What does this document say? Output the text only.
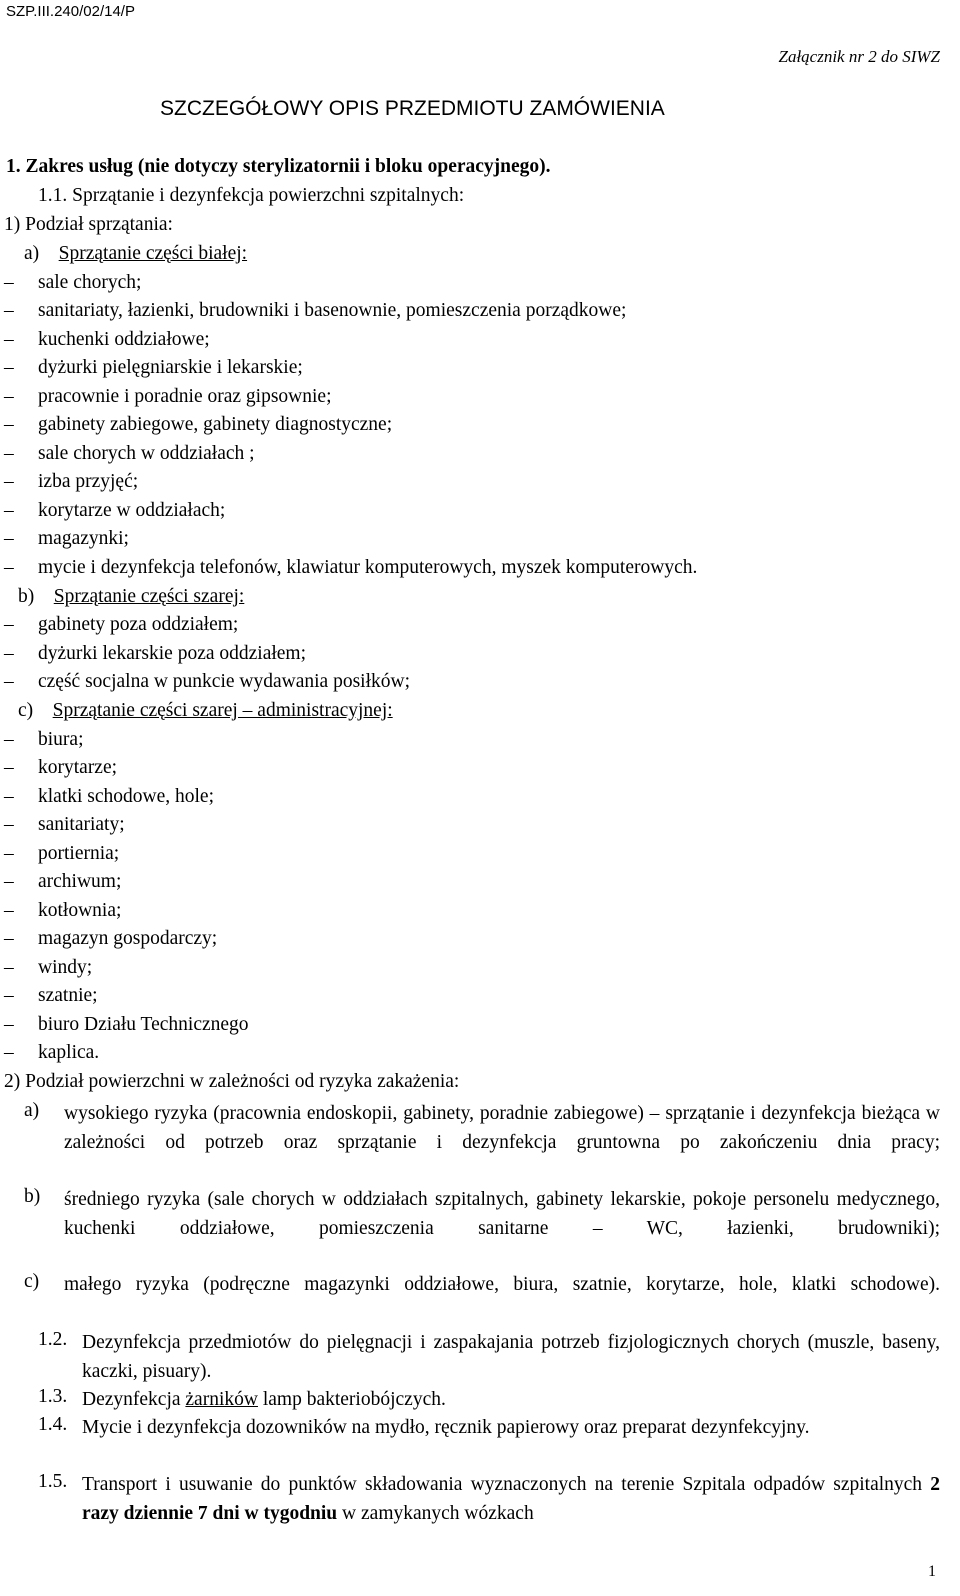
SZP.III.240/02/14/P
Załącznik nr 2 do SIWZ
SZCZEGÓŁOWY OPIS PRZEDMIOTU ZAMÓWIENIA
1. Zakres usług (nie dotyczy sterylizatornii i bloku operacyjnego).
1.1. Sprzątanie i dezynfekcja powierzchni szpitalnych:
1) Podział sprzątania:
a) Sprzątanie części białej:
– sale chorych;
– sanitariaty, łazienki, brudowniki i basenownie, pomieszczenia porządkowe;
– kuchenki oddziałowe;
– dyżurki pielęgniarskie i lekarskie;
– pracownie i poradnie oraz gipsownie;
– gabinety zabiegowe, gabinety diagnostyczne;
– sale chorych w oddziałach ;
– izba przyjęć;
– korytarze w oddziałach;
– magazynki;
– mycie i dezynfekcja telefonów, klawiatur komputerowych, myszek komputerowych.
b) Sprzątanie części szarej:
– gabinety poza oddziałem;
– dyżurki lekarskie poza oddziałem;
– część socjalna w punkcie wydawania posiłków;
c) Sprzątanie części szarej – administracyjnej:
– biura;
– korytarze;
– klatki schodowe, hole;
– sanitariaty;
– portiernia;
– archiwum;
– kotłownia;
– magazyn gospodarczy;
– windy;
– szatnie;
– biuro Działu Technicznego
– kaplica.
2) Podział powierzchni w zależności od ryzyka zakażenia:
a) wysokiego ryzyka (pracownia endoskopii, gabinety, poradnie zabiegowe) – sprzątanie i dezynfekcja bieżąca w zależności od potrzeb oraz sprzątanie i dezynfekcja gruntowna po zakończeniu dnia pracy;
b) średniego ryzyka (sale chorych w oddziałach szpitalnych, gabinety lekarskie, pokoje personelu medycznego, kuchenki oddziałowe, pomieszczenia sanitarne – WC, łazienki, brudowniki);
c) małego ryzyka (podręczne magazynki oddziałowe, biura, szatnie, korytarze, hole, klatki schodowe).
1.2. Dezynfekcja przedmiotów do pielęgnacji i zaspakajania potrzeb fizjologicznych chorych (muszle, baseny, kaczki, pisuary).
1.3. Dezynfekcja żarników lamp bakteriobójczych.
1.4. Mycie i dezynfekcja dozowników na mydło, ręcznik papierowy oraz preparat dezynfekcyjny.
1.5. Transport i usuwanie do punktów składowania wyznaczonych na terenie Szpitala odpadów szpitalnych 2 razy dziennie 7 dni w tygodniu w zamykanych wózkach
1
